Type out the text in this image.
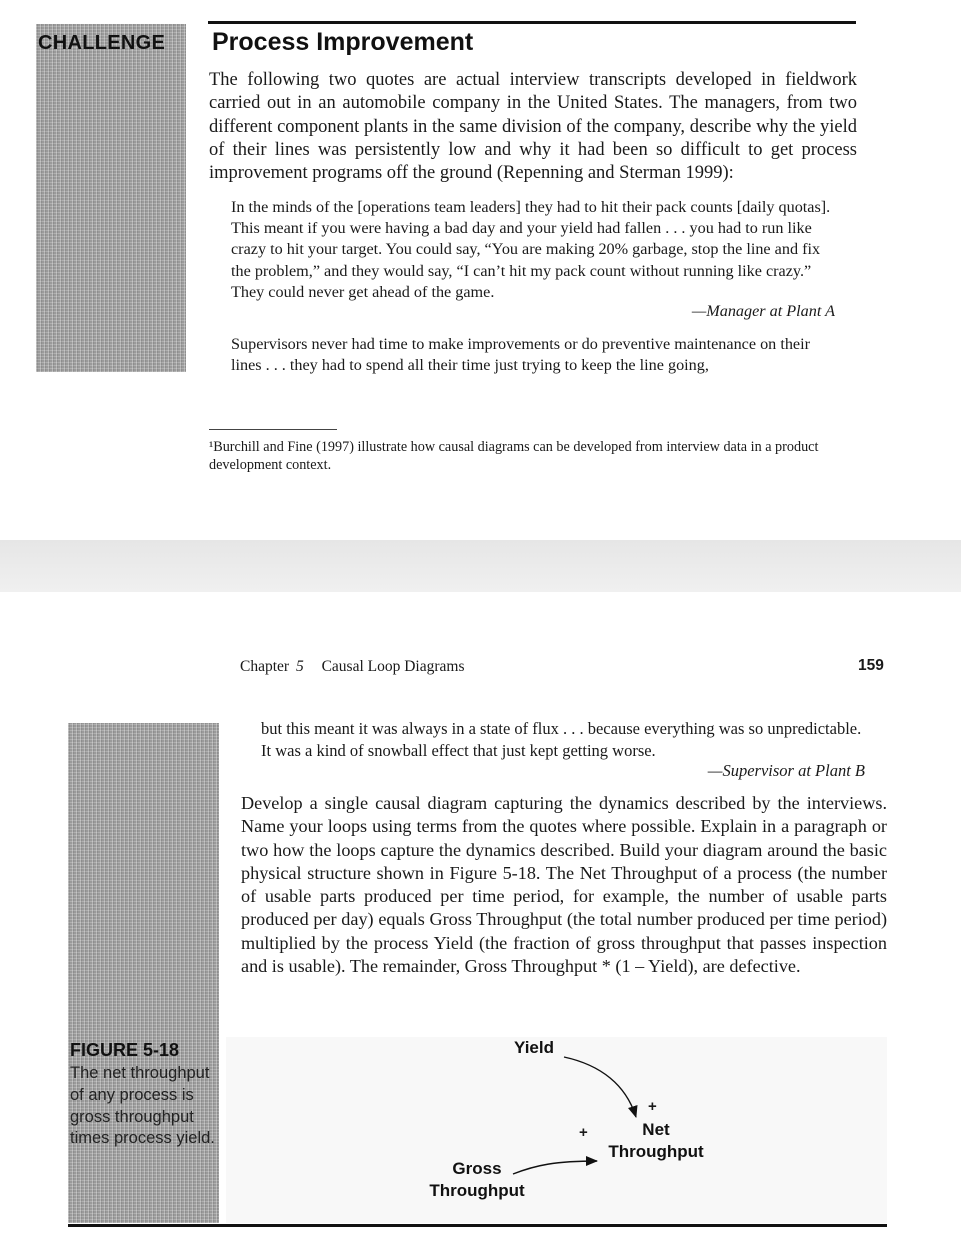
CHALLENGE Process Improvement
The following two quotes are actual interview transcripts developed in fieldwork carried out in an automobile company in the United States. The managers, from two different component plants in the same division of the company, describe why the yield of their lines was persistently low and why it had been so difficult to get process improvement programs off the ground (Repenning and Sterman 1999):
In the minds of the [operations team leaders] they had to hit their pack counts [daily quotas]. This meant if you were having a bad day and your yield had fallen . . . you had to run like crazy to hit your target. You could say, “You are making 20% garbage, stop the line and fix the problem,” and they would say, “I can’t hit my pack count without running like crazy.” They could never get ahead of the game.
—Manager at Plant A
Supervisors never had time to make improvements or do preventive maintenance on their lines . . . they had to spend all their time just trying to keep the line going,
¹Burchill and Fine (1997) illustrate how causal diagrams can be developed from interview data in a product development context.
Chapter 5 Causal Loop Diagrams	159
but this meant it was always in a state of flux . . . because everything was so unpredictable. It was a kind of snowball effect that just kept getting worse.
—Supervisor at Plant B
Develop a single causal diagram capturing the dynamics described by the interviews. Name your loops using terms from the quotes where possible. Explain in a paragraph or two how the loops capture the dynamics described. Build your diagram around the basic physical structure shown in Figure 5-18. The Net Throughput of a process (the number of usable parts produced per time period, for example, the number of usable parts produced per day) equals Gross Throughput (the total number produced per time period) multiplied by the process Yield (the fraction of gross throughput that passes inspection and is usable). The remainder, Gross Throughput * (1 – Yield), are defective.
FIGURE 5-18
The net throughput of any process is gross throughput times process yield.
Yield
+
+	Net
Throughput
Gross
Throughput
